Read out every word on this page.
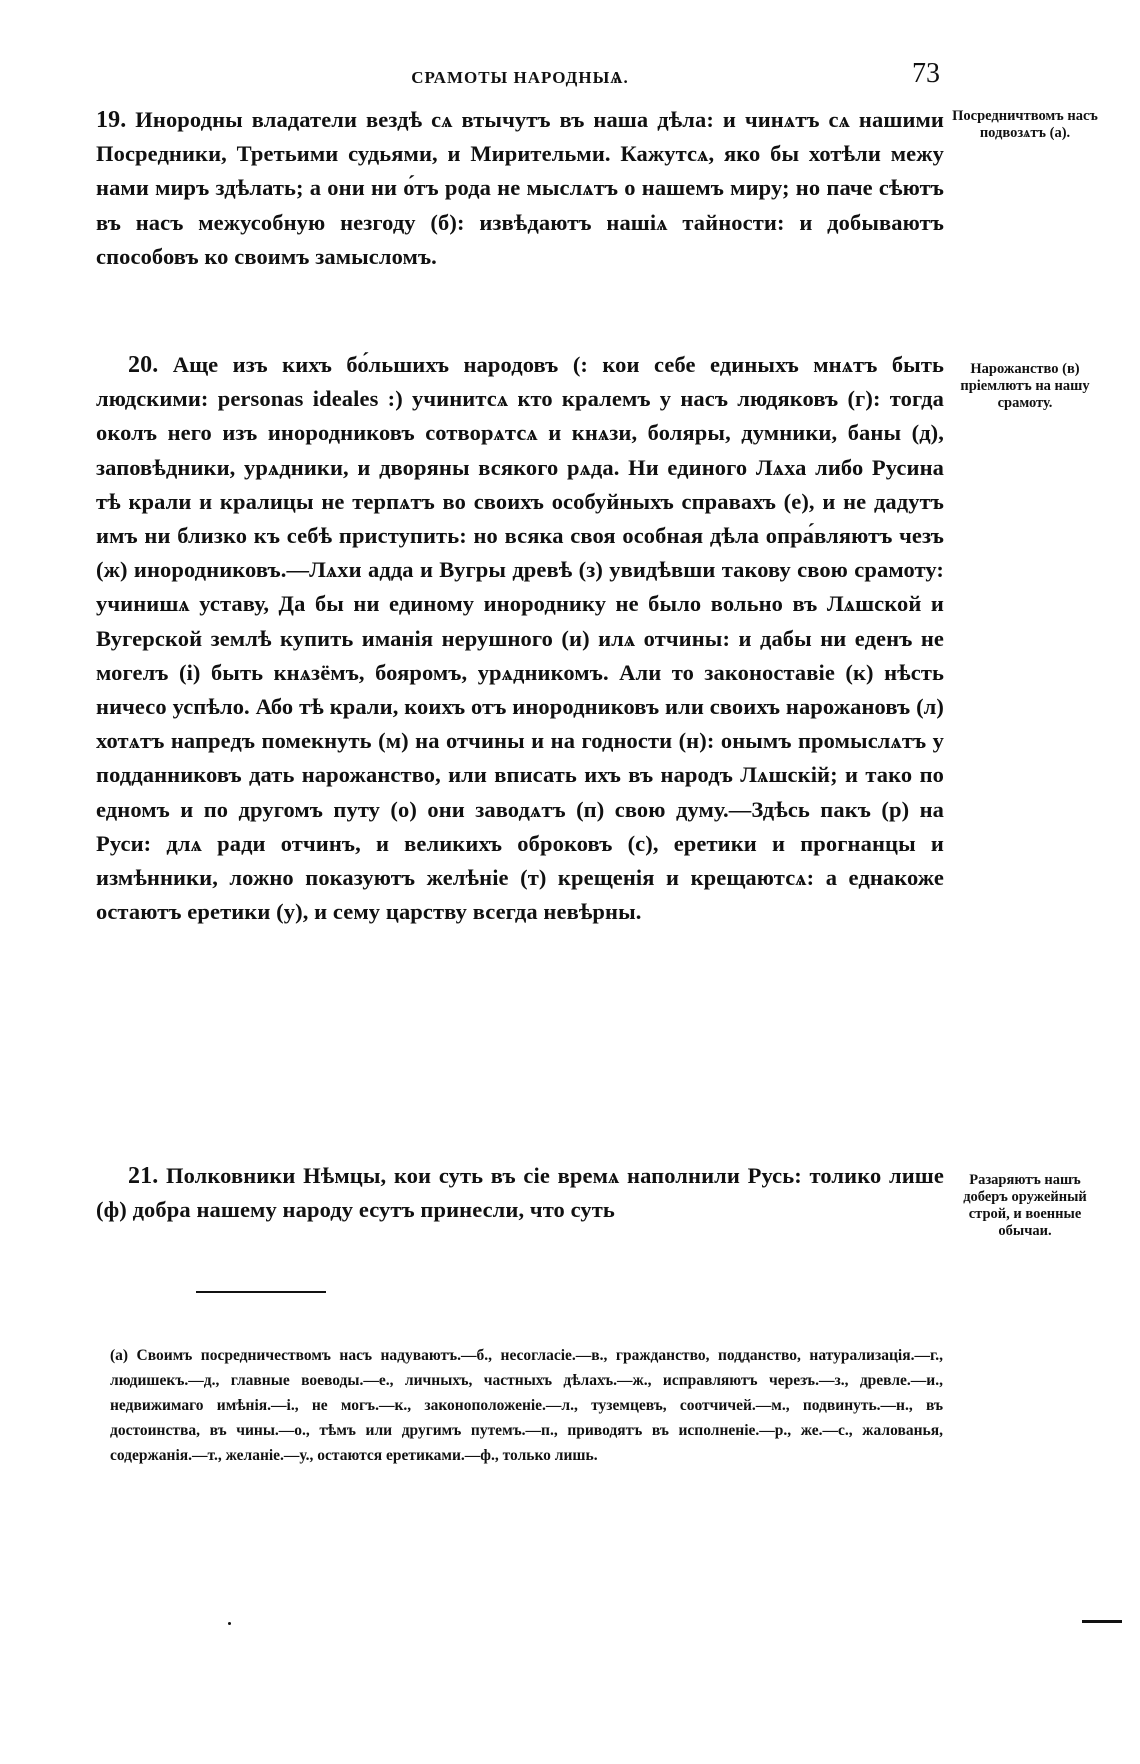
СРАМОТЫ НАРОДНЫѦ.	73
19. Инородны владатели вездѣ сѧ втычутъ въ наша дѣла: и чинѧтъ сѧ нашими Посредники, Третьими судьями, и Мирительми. Кажутсѧ, яко бы хотѣли межу нами миръ здѣлать; а они ни о́тъ рода не мыслѧтъ о нашемъ миру; но паче сѣютъ въ насъ межусобную незгоду (б): извѣдаютъ нашiѧ тайности: и добываютъ способовъ ко своимъ замысломъ.
Посредничтвомъ насъ подвозѧтъ (а).
20. Аще изъ кихъ бо́льшихъ народовъ (: кои себе единыхъ мнѧтъ быть людскими: personas ideales :) учинитсѧ кто кралемъ у насъ людяковъ (г): тогда околъ него изъ инородниковъ сотворѧтсѧ и кнѧзи, боляры, думники, баны (д), заповѣдники, урѧдники, и дворяны всякого рѧда. Ни единого Лѧха либо Русина тѣ крали и кралицы не терпѧтъ во своихъ особуйныхъ справахъ (е), и не дадутъ имъ ни близко къ себѣ приступить: но всяка своя особная дѣла опра́вляютъ чезъ (ж) инородниковъ.—Лѧхи адда и Вугры древѣ (з) увидѣвши такову свою срамоту: учинишѧ уставу, Да бы ни единому инороднику не было вольно въ Лѧшской и Вугерской землѣ купить иманiя нерушного (и) илѧ отчины: и дабы ни еденъ не могелъ (i) быть кнѧзёмъ, бояромъ, урѧдникомъ. Али то законоставiе (к) нѣсть ничесо успѣло. Або тѣ крали, коихъ отъ инородниковъ или своихъ нарожановъ (л) хотѧтъ напредъ помекнуть (м) на отчины и на годности (н): онымъ промыслѧтъ у подданниковъ дать нарожанство, или вписать ихъ въ народъ Лѧшскiй; и тако по едномъ и по другомъ путу (о) они заводѧтъ (п) свою думу.—Здѣсь пакъ (р) на Руси: длѧ ради отчинъ, и великихъ оброковъ (с), еретики и прогнанцы и измѣнники, ложно показуютъ желѣнiе (т) крещенiя и крещаютсѧ: а еднакоже остаютъ еретики (у), и сему царству всегда невѣрны.
Нарожанство (в) прiемлютъ на нашу срамоту.
21. Полковники Нѣмцы, кои суть въ сiе времѧ наполнили Русь: толико лише (ф) добра нашему народу есутъ принесли, что суть
Разаряютъ нашъ доберъ оружейный строй, и военные обычаи.
(а) Своимъ посредничествомъ насъ надуваютъ.—б., несогласiе.—в., гражданство, подданство, натурализацiя.—г., людишекъ.—д., главные воеводы.—е., личныхъ, частныхъ дѣлахъ.—ж., исправляютъ черезъ.—з., древле.—и., недвижимаго имѣнiя.—i., не могъ.—к., законоположенiе.—л., туземцевъ, соотчичей.—м., подвинуть.—н., въ достоинства, въ чины.—о., тѣмъ или другимъ путемъ.—п., приводятъ въ исполненiе.—р., же.—с., жалованья, содержанiя.—т., желанiе.—у., остаются еретиками.—ф., только лишь.
